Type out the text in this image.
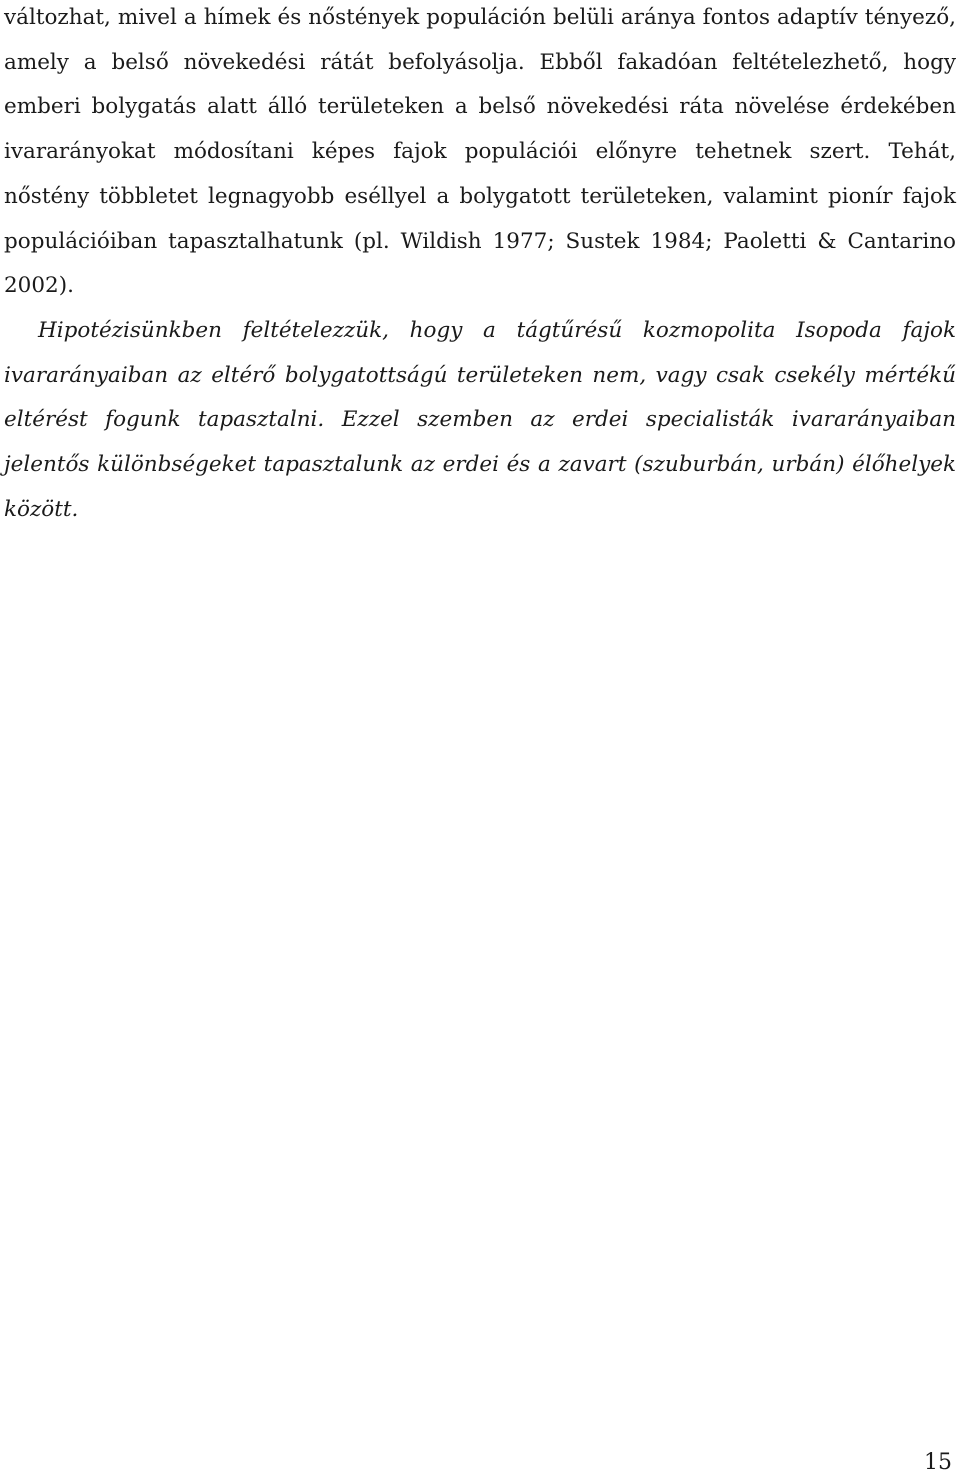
változhat, mivel a hímek és nőstények populáción belüli aránya fontos adaptív tényező, amely a belső növekedési rátát befolyásolja. Ebből fakadóan feltételezhető, hogy emberi bolygatás alatt álló területeken a belső növekedési ráta növelése érdekében ivararányokat módosítani képes fajok populációi előnyre tehetnek szert. Tehát, nőstény többletet legnagyobb eséllyel a bolygatott területeken, valamint pionír fajok populációiban tapasztalhatunk (pl. Wildish 1977; Sustek 1984; Paoletti & Cantarino 2002).

Hipotézisünkben feltételezzük, hogy a tágtűrésű kozmopolita Isopoda fajok ivararányaiban az eltérő bolygatottságú területeken nem, vagy csak csekély mértékű eltérést fogunk tapasztalni. Ezzel szemben az erdei specialisták ivararányaiban jelentős különbségeket tapasztalunk az erdei és a zavart (szuburbán, urbán) élőhelyek között.

15
